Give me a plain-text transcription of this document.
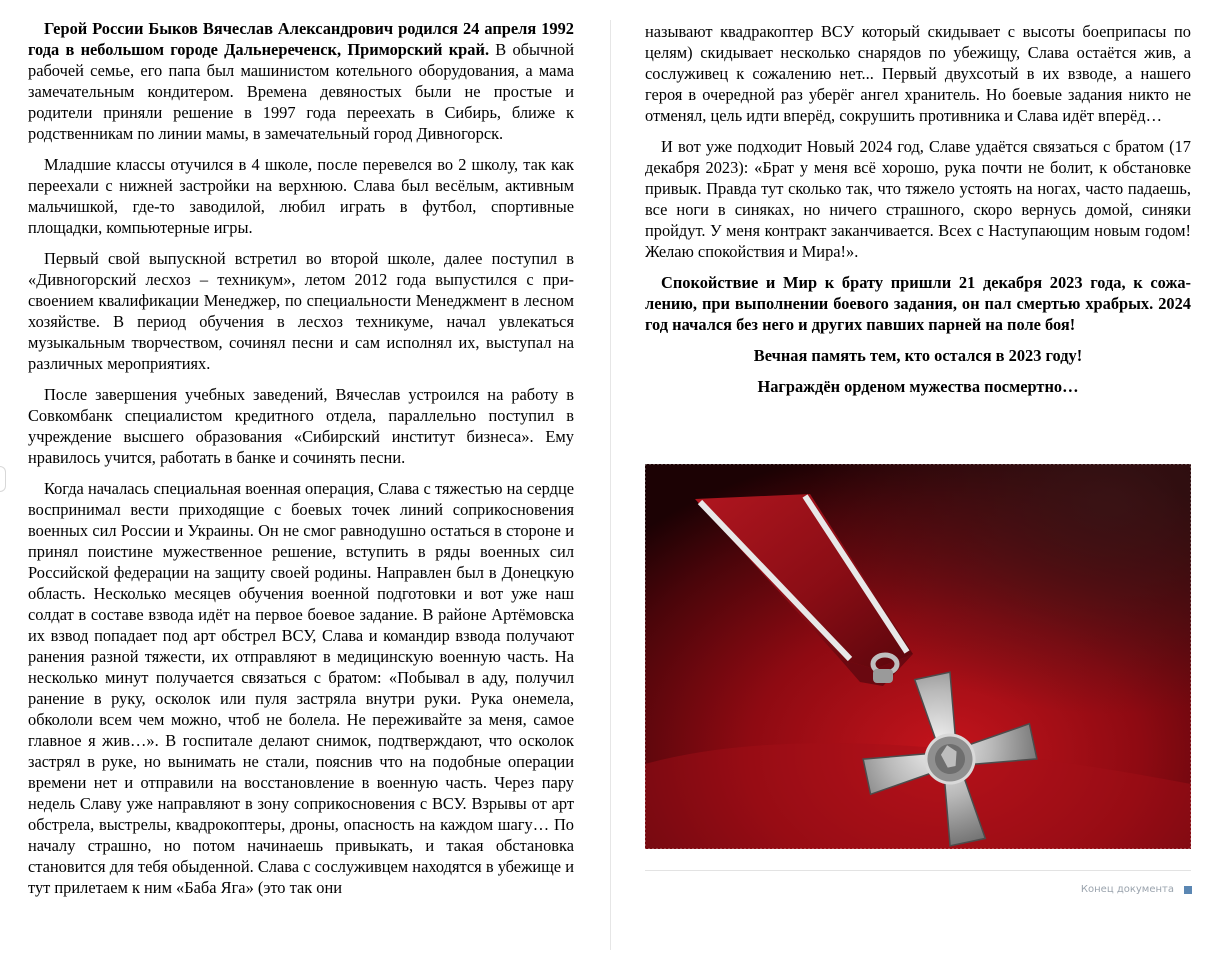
Герой России Быков Вячеслав Александрович родился 24 апреля 1992 года в небольшом городе Дальнереченск, Приморский край. В обычной рабочей семье, его папа был машинистом котельного оборудования, а мама замечательным кондитером. Времена девяностых были не простые и родители приняли решение в 1997 года переехать в Сибирь, ближе к родственникам по линии мамы, в замечательный город Дивногорск.

Младшие классы отучился в 4 школе, после перевелся во 2 школу, так как переехали с нижней застройки на верхнюю. Слава был весёлым, активным мальчишкой, где-то заводилой, любил играть в футбол, спортивные площадки, компьютерные игры.

Первый свой выпускной встретил во второй школе, далее поступил в «Дивногорский лесхоз – техникум», летом 2012 года выпустился с присвоением квалификации Менеджер, по специальности Менеджмент в лесном хозяйстве. В период обучения в лесхоз техникуме, начал увлекаться музыкальным творчеством, сочинял песни и сам исполнял их, выступал на различных мероприятиях.

После завершения учебных заведений, Вячеслав устроился на работу в Совкомбанк специалистом кредитного отдела, параллельно поступил в учреждение высшего образования «Сибирский институт бизнеса». Ему нравилось учится, работать в банке и сочинять песни.

Когда началась специальная военная операция, Слава с тяжестью на сердце воспринимал вести приходящие с боевых точек линий соприкосновения военных сил России и Украины. Он не смог равнодушно остаться в стороне и принял поистине мужественное решение, вступить в ряды военных сил Российской федерации на защиту своей родины. Направлен был в Донецкую область. Несколько месяцев обучения военной подготовки и вот уже наш солдат в составе взвода идёт на первое боевое задание. В районе Артёмовска их взвод попадает под арт обстрел ВСУ, Слава и командир взвода получают ранения разной тяжести, их отправляют в медицинскую военную часть. На несколько минут получается связаться с братом: «Побывал в аду, получил ранение в руку, осколок или пуля застряла внутри руки. Рука онемела, обкололи всем чем можно, чтоб не болела. Не переживайте за меня, самое главное я жив…». В госпитале делают снимок, подтверждают, что осколок застрял в руке, но вынимать не стали, пояснив что на подобные операции времени нет и отправили на восстановление в военную часть. Через пару недель Славу уже направляют в зону соприкосновения с ВСУ. Взрывы от арт обстрела, выстрелы, квадрокоптеры, дроны, опасность на каждом шагу… По началу страшно, но потом начинаешь привыкать, и такая обстановка становится для тебя обыденной. Слава с сослуживцем находятся в убежище и тут прилетаем к ним «Баба Яга» (это так они

называют квадракоптер ВСУ который скидывает с высоты боеприпасы по целям) скидывает несколько снарядов по убежищу, Слава остаётся жив, а сослуживец к сожалению нет... Первый двухсотый в их взводе, а нашего героя в очередной раз уберёг ангел хранитель. Но боевые задания никто не отменял, цель идти вперёд, сокрушить противника и Слава идёт вперёд…

И вот уже подходит Новый 2024 год, Славе удаётся связаться с братом (17 декабря 2023): «Брат у меня всё хорошо, рука почти не болит, к обстановке привык. Правда тут сколько так, что тяжело устоять на ногах, часто падаешь, все ноги в синяках, но ничего страшного, скоро вернусь домой, синяки пройдут. У меня контракт заканчивается. Всех с Наступающим новым годом! Желаю спокойствия и Мира!».

Спокойствие и Мир к брату пришли 21 декабря 2023 года, к сожалению, при выполнении боевого задания, он пал смертью храбрых. 2024 год начался без него и других павших парней на поле боя!

Вечная память тем, кто остался в 2023 году!

Награждён орденом мужества посмертно…

Конец документа
